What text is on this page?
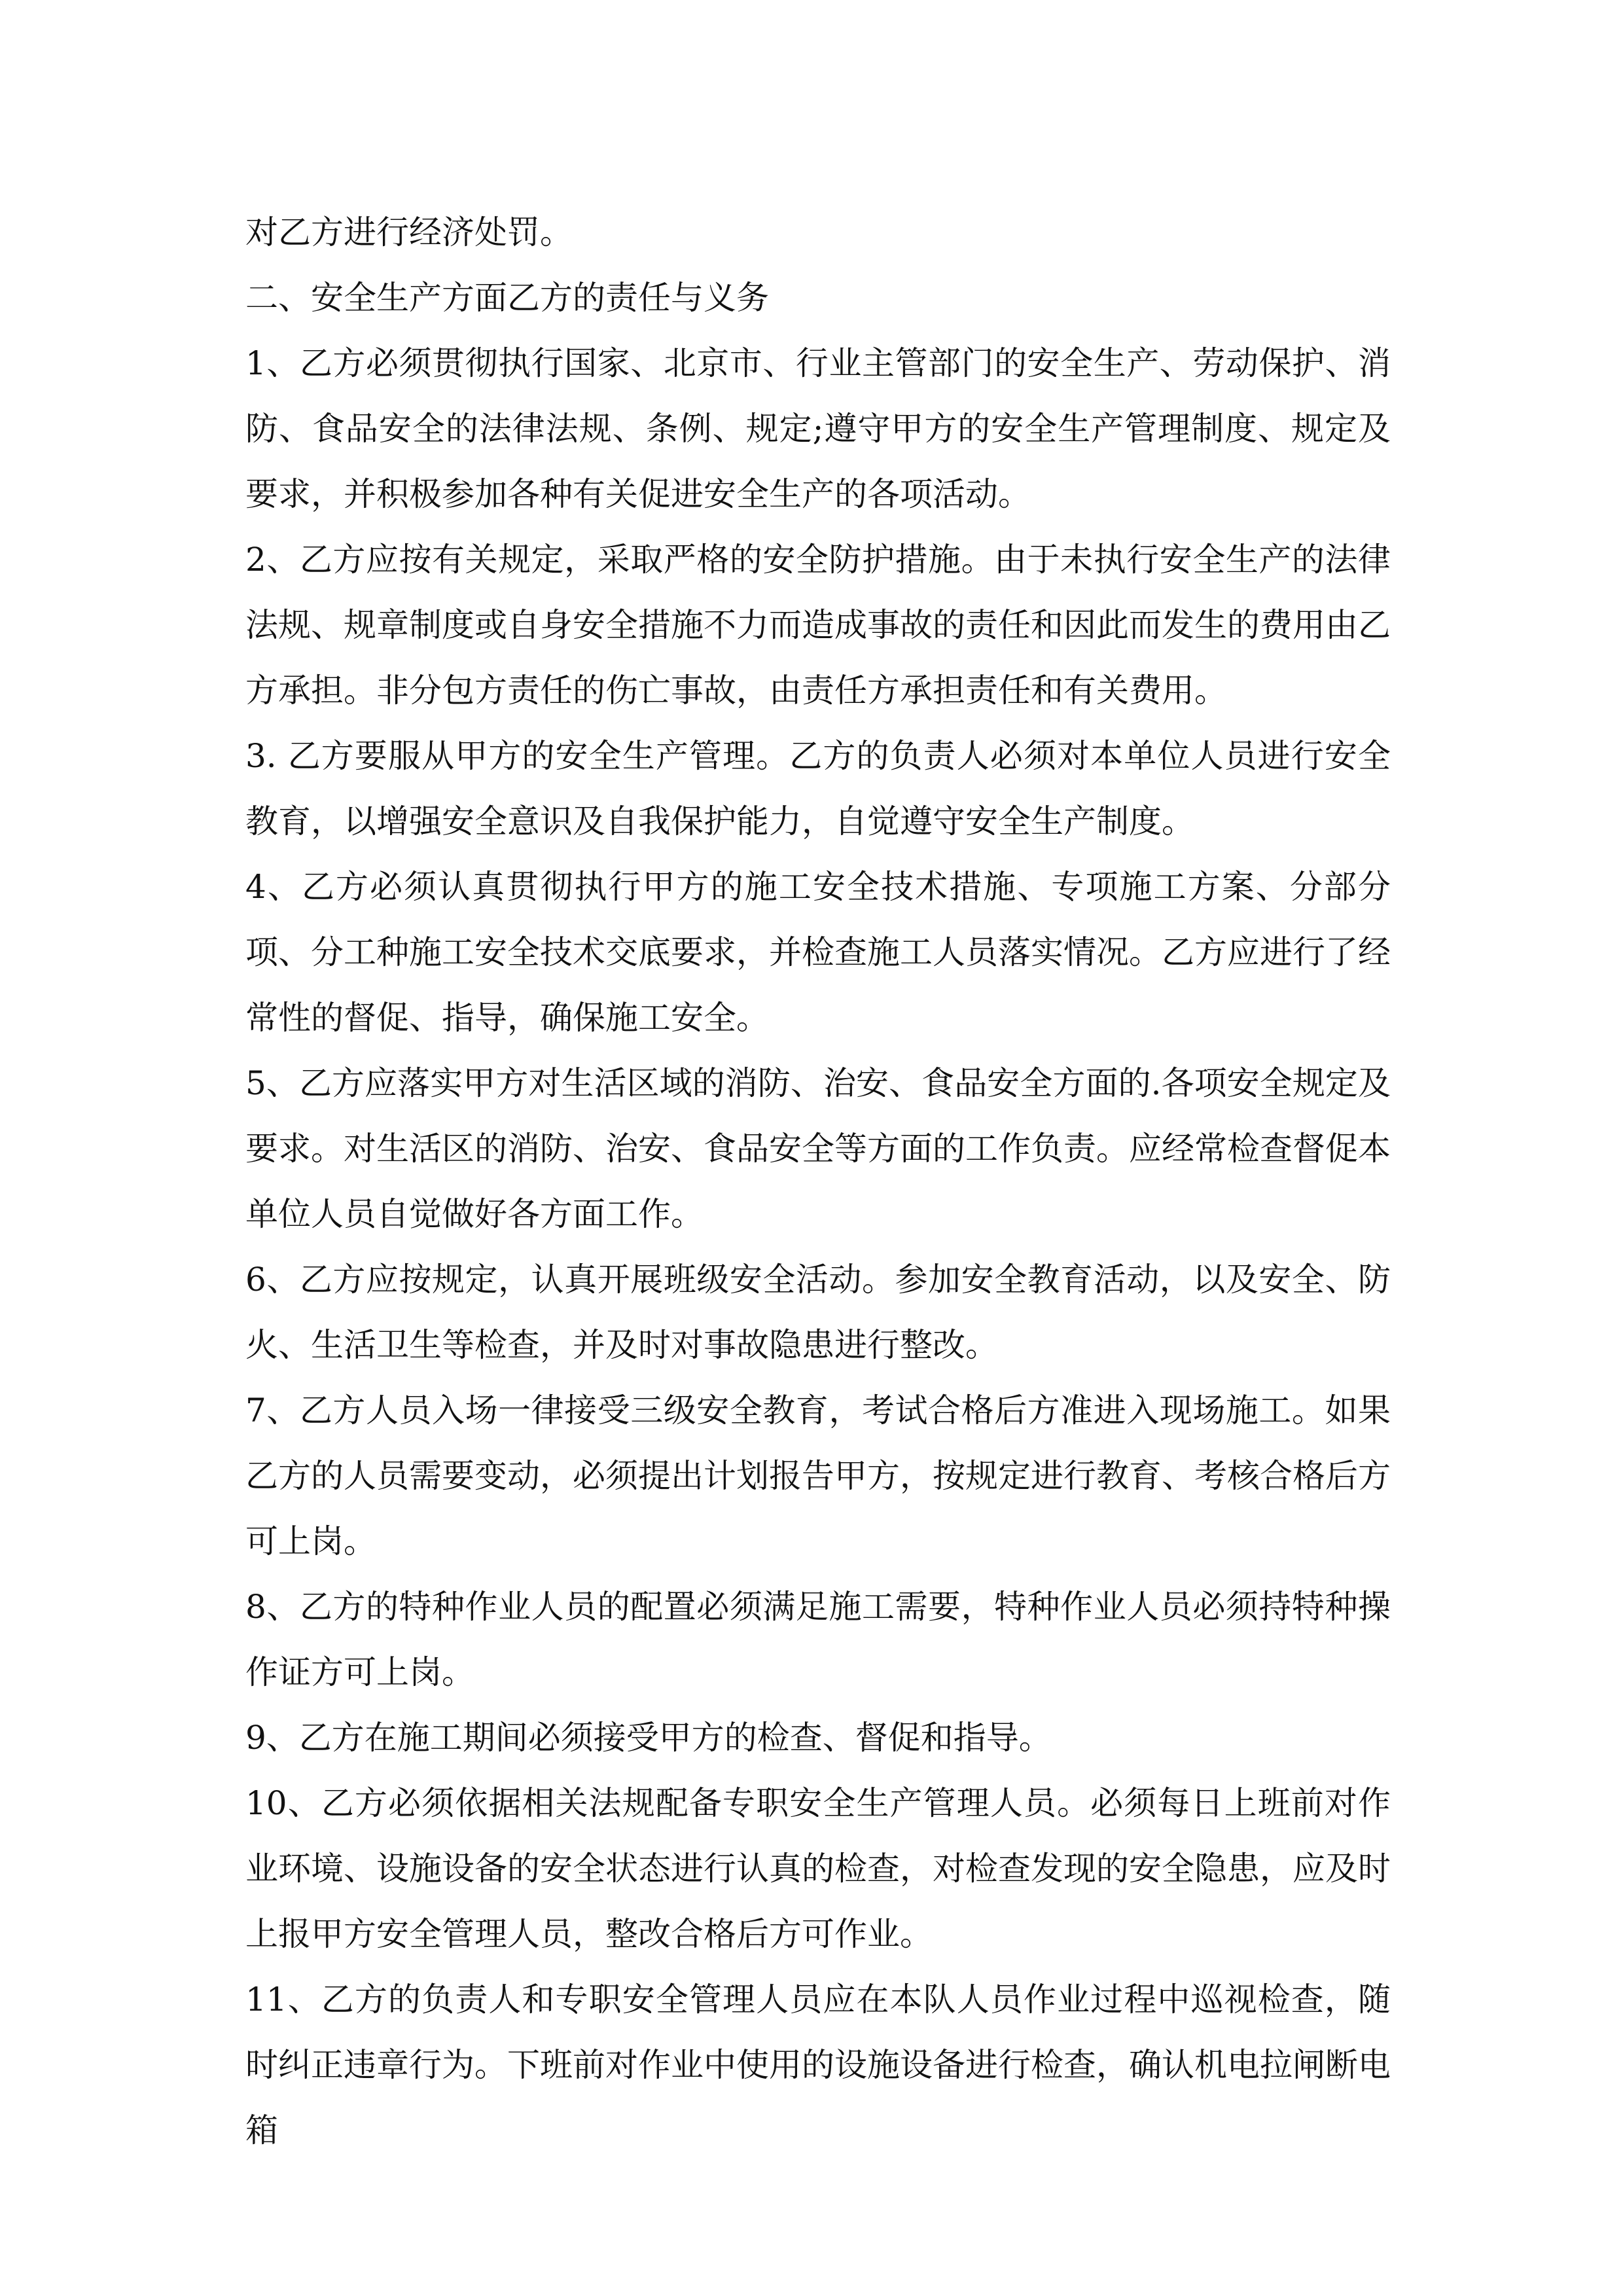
对乙方进行经济处罚。

二、安全生产方面乙方的责任与义务

1、乙方必须贯彻执行国家、北京市、行业主管部门的安全生产、劳动保护、消防、食品安全的法律法规、条例、规定;遵守甲方的安全生产管理制度、规定及要求，并积极参加各种有关促进安全生产的各项活动。

2、乙方应按有关规定，采取严格的安全防护措施。由于未执行安全生产的法律法规、规章制度或自身安全措施不力而造成事故的责任和因此而发生的费用由乙方承担。非分包方责任的伤亡事故，由责任方承担责任和有关费用。

3. 乙方要服从甲方的安全生产管理。乙方的负责人必须对本单位人员进行安全教育，以增强安全意识及自我保护能力，自觉遵守安全生产制度。

4、乙方必须认真贯彻执行甲方的施工安全技术措施、专项施工方案、分部分项、分工种施工安全技术交底要求，并检查施工人员落实情况。乙方应进行了经常性的督促、指导，确保施工安全。

5、乙方应落实甲方对生活区域的消防、治安、食品安全方面的.各项安全规定及要求。对生活区的消防、治安、食品安全等方面的工作负责。应经常检查督促本单位人员自觉做好各方面工作。

6、乙方应按规定，认真开展班级安全活动。参加安全教育活动，以及安全、防火、生活卫生等检查，并及时对事故隐患进行整改。

7、乙方人员入场一律接受三级安全教育，考试合格后方准进入现场施工。如果乙方的人员需要变动，必须提出计划报告甲方，按规定进行教育、考核合格后方可上岗。

8、乙方的特种作业人员的配置必须满足施工需要，特种作业人员必须持特种操作证方可上岗。

9、乙方在施工期间必须接受甲方的检查、督促和指导。

10、乙方必须依据相关法规配备专职安全生产管理人员。必须每日上班前对作业环境、设施设备的安全状态进行认真的检查，对检查发现的安全隐患，应及时上报甲方安全管理人员，整改合格后方可作业。

11、乙方的负责人和专职安全管理人员应在本队人员作业过程中巡视检查，随时纠正违章行为。下班前对作业中使用的设施设备进行检查，确认机电拉闸断电箱
